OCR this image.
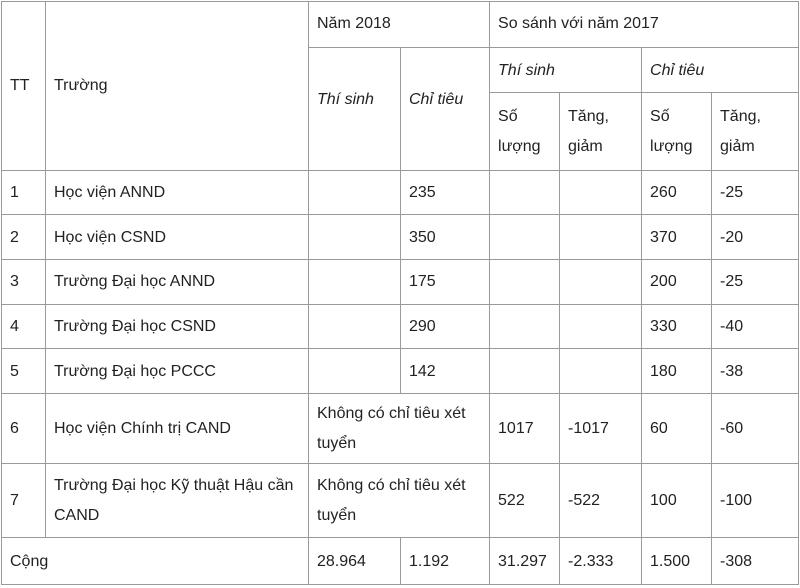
TT	Trường	Năm 2018		So sánh với năm 2017			
		Thí sinh	Chỉ tiêu	Thí sinh		Chỉ tiêu	
				Số lượng	Tăng, giảm	Số lượng	Tăng, giảm
1	Học viện ANND		235			260	-25
2	Học viện CSND		350			370	-20
3	Trường Đại học ANND		175			200	-25
4	Trường Đại học CSND		290			330	-40
5	Trường Đại học PCCC		142			180	-38
6	Học viện Chính trị CAND	Không có chỉ tiêu xét tuyển		1017	-1017	60	-60
7	Trường Đại học Kỹ thuật Hậu cần CAND	Không có chỉ tiêu xét tuyển		522	-522	100	-100
Cộng		28.964	1.192	31.297	-2.333	1.500	-308
